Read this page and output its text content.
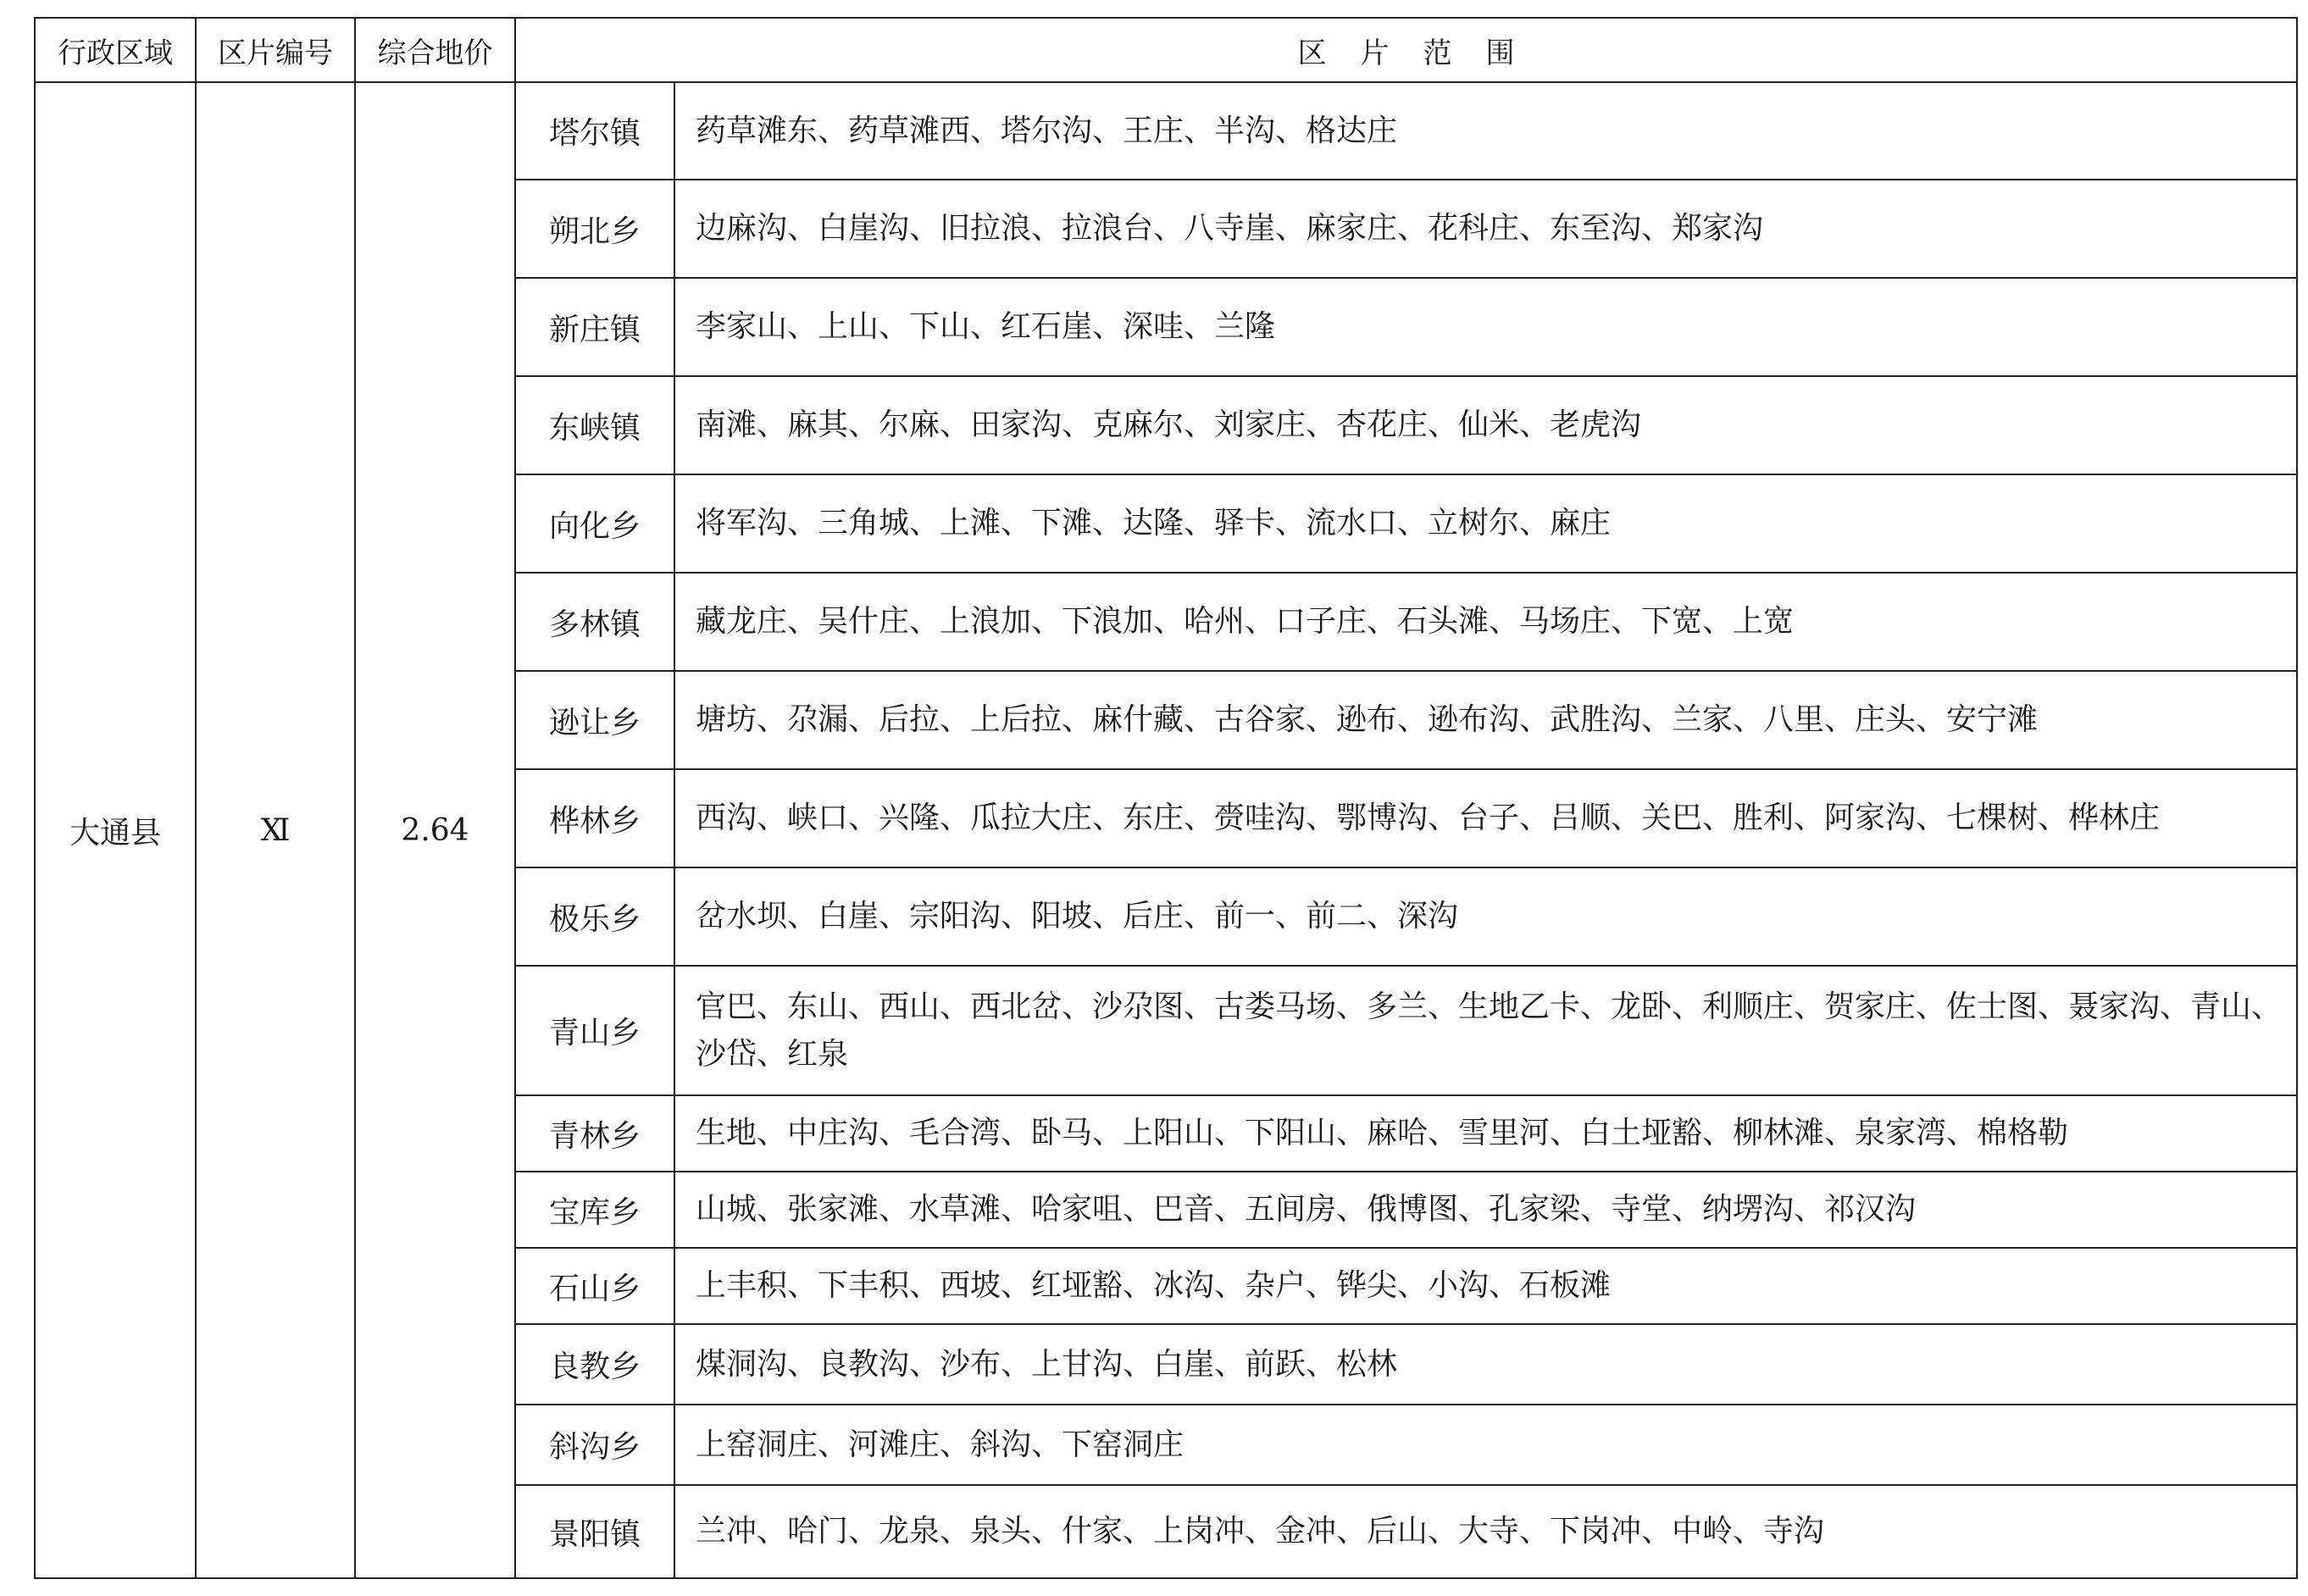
行政区域	区片编号	综合地价	区片范围	
大通县	Ⅺ	2.64	塔尔镇	药草滩东、药草滩西、塔尔沟、王庄、半沟、格达庄
			朔北乡	边麻沟、白崖沟、旧拉浪、拉浪台、八寺崖、麻家庄、花科庄、东至沟、郑家沟
			新庄镇	李家山、上山、下山、红石崖、深哇、兰隆
			东峡镇	南滩、麻其、尔麻、田家沟、克麻尔、刘家庄、杏花庄、仙米、老虎沟
			向化乡	将军沟、三角城、上滩、下滩、达隆、驿卡、流水口、立树尔、麻庄
			多林镇	藏龙庄、吴什庄、上浪加、下浪加、哈州、口子庄、石头滩、马场庄、下宽、上宽
			逊让乡	塘坊、尕漏、后拉、上后拉、麻什藏、古谷家、逊布、逊布沟、武胜沟、兰家、八里、庄头、安宁滩
			桦林乡	西沟、峡口、兴隆、瓜拉大庄、东庄、赍哇沟、鄂博沟、台子、吕顺、关巴、胜利、阿家沟、七棵树、桦林庄
			极乐乡	岔水坝、白崖、宗阳沟、阳坡、后庄、前一、前二、深沟
			青山乡	官巴、东山、西山、西北岔、沙尕图、古娄马场、多兰、生地乙卡、龙卧、利顺庄、贺家庄、佐士图、聂家沟、青山、沙岱、红泉
			青林乡	生地、中庄沟、毛合湾、卧马、上阳山、下阳山、麻哈、雪里河、白土垭豁、柳林滩、泉家湾、棉格勒
			宝库乡	山城、张家滩、水草滩、哈家咀、巴音、五间房、俄博图、孔家梁、寺堂、纳塄沟、祁汉沟
			石山乡	上丰积、下丰积、西坡、红垭豁、冰沟、杂户、铧尖、小沟、石板滩
			良教乡	煤洞沟、良教沟、沙布、上甘沟、白崖、前跃、松林
			斜沟乡	上窑洞庄、河滩庄、斜沟、下窑洞庄
			景阳镇	兰冲、哈门、龙泉、泉头、什家、上岗冲、金冲、后山、大寺、下岗冲、中岭、寺沟
